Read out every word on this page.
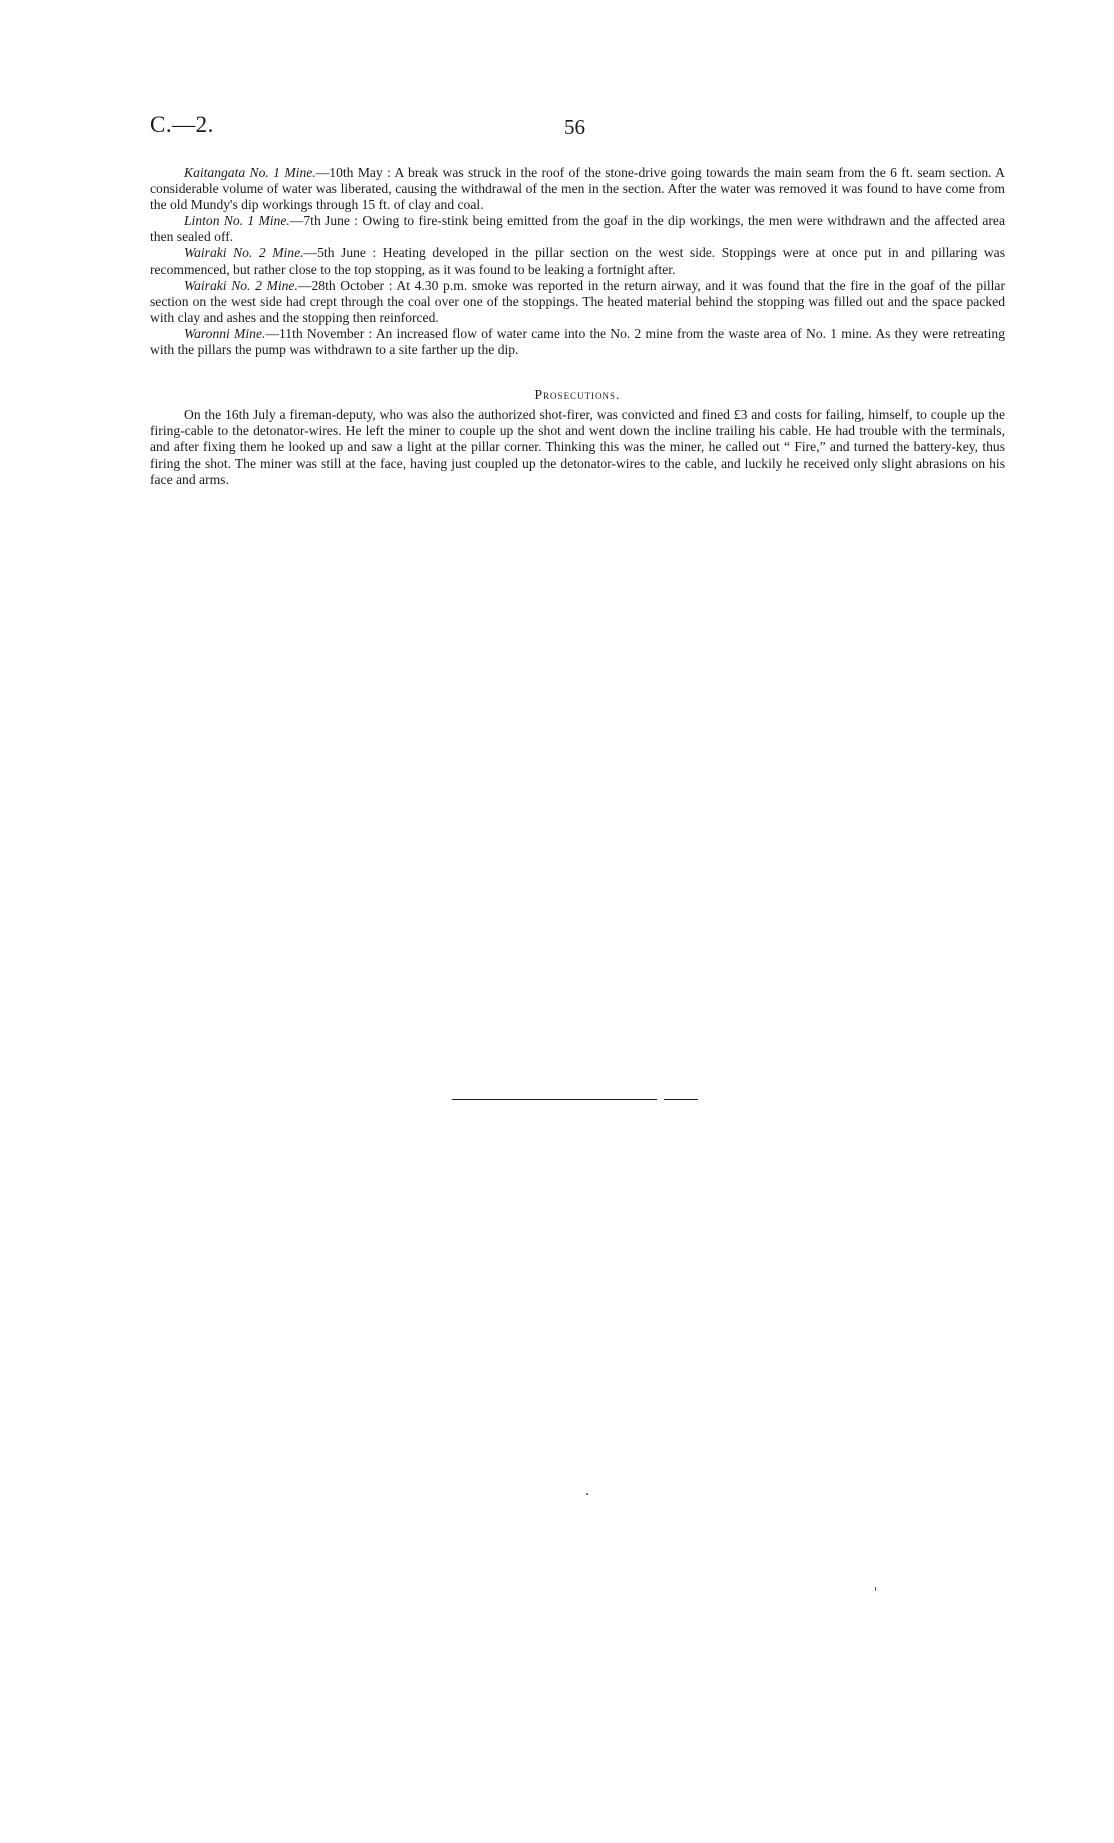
C.—2.	56

Kaitangata No. 1 Mine.—10th May : A break was struck in the roof of the stone-drive going towards the main seam from the 6 ft. seam section. A considerable volume of water was liberated, causing the withdrawal of the men in the section. After the water was removed it was found to have come from the old Mundy's dip workings through 15 ft. of clay and coal.

Linton No. 1 Mine.—7th June : Owing to fire-stink being emitted from the goaf in the dip workings, the men were withdrawn and the affected area then sealed off.

Wairaki No. 2 Mine.—5th June : Heating developed in the pillar section on the west side. Stoppings were at once put in and pillaring was recommenced, but rather close to the top stopping, as it was found to be leaking a fortnight after.

Wairaki No. 2 Mine.—28th October : At 4.30 p.m. smoke was reported in the return airway, and it was found that the fire in the goaf of the pillar section on the west side had crept through the coal over one of the stoppings. The heated material behind the stopping was filled out and the space packed with clay and ashes and the stopping then reinforced.

Waronni Mine.—11th November : An increased flow of water came into the No. 2 mine from the waste area of No. 1 mine. As they were retreating with the pillars the pump was withdrawn to a site farther up the dip.

Prosecutions.

On the 16th July a fireman-deputy, who was also the authorized shot-firer, was convicted and fined £3 and costs for failing, himself, to couple up the firing-cable to the detonator-wires. He left the miner to couple up the shot and went down the incline trailing his cable. He had trouble with the terminals, and after fixing them he looked up and saw a light at the pillar corner. Thinking this was the miner, he called out “ Fire,” and turned the battery-key, thus firing the shot. The miner was still at the face, having just coupled up the detonator-wires to the cable, and luckily he received only slight abrasions on his face and arms.
